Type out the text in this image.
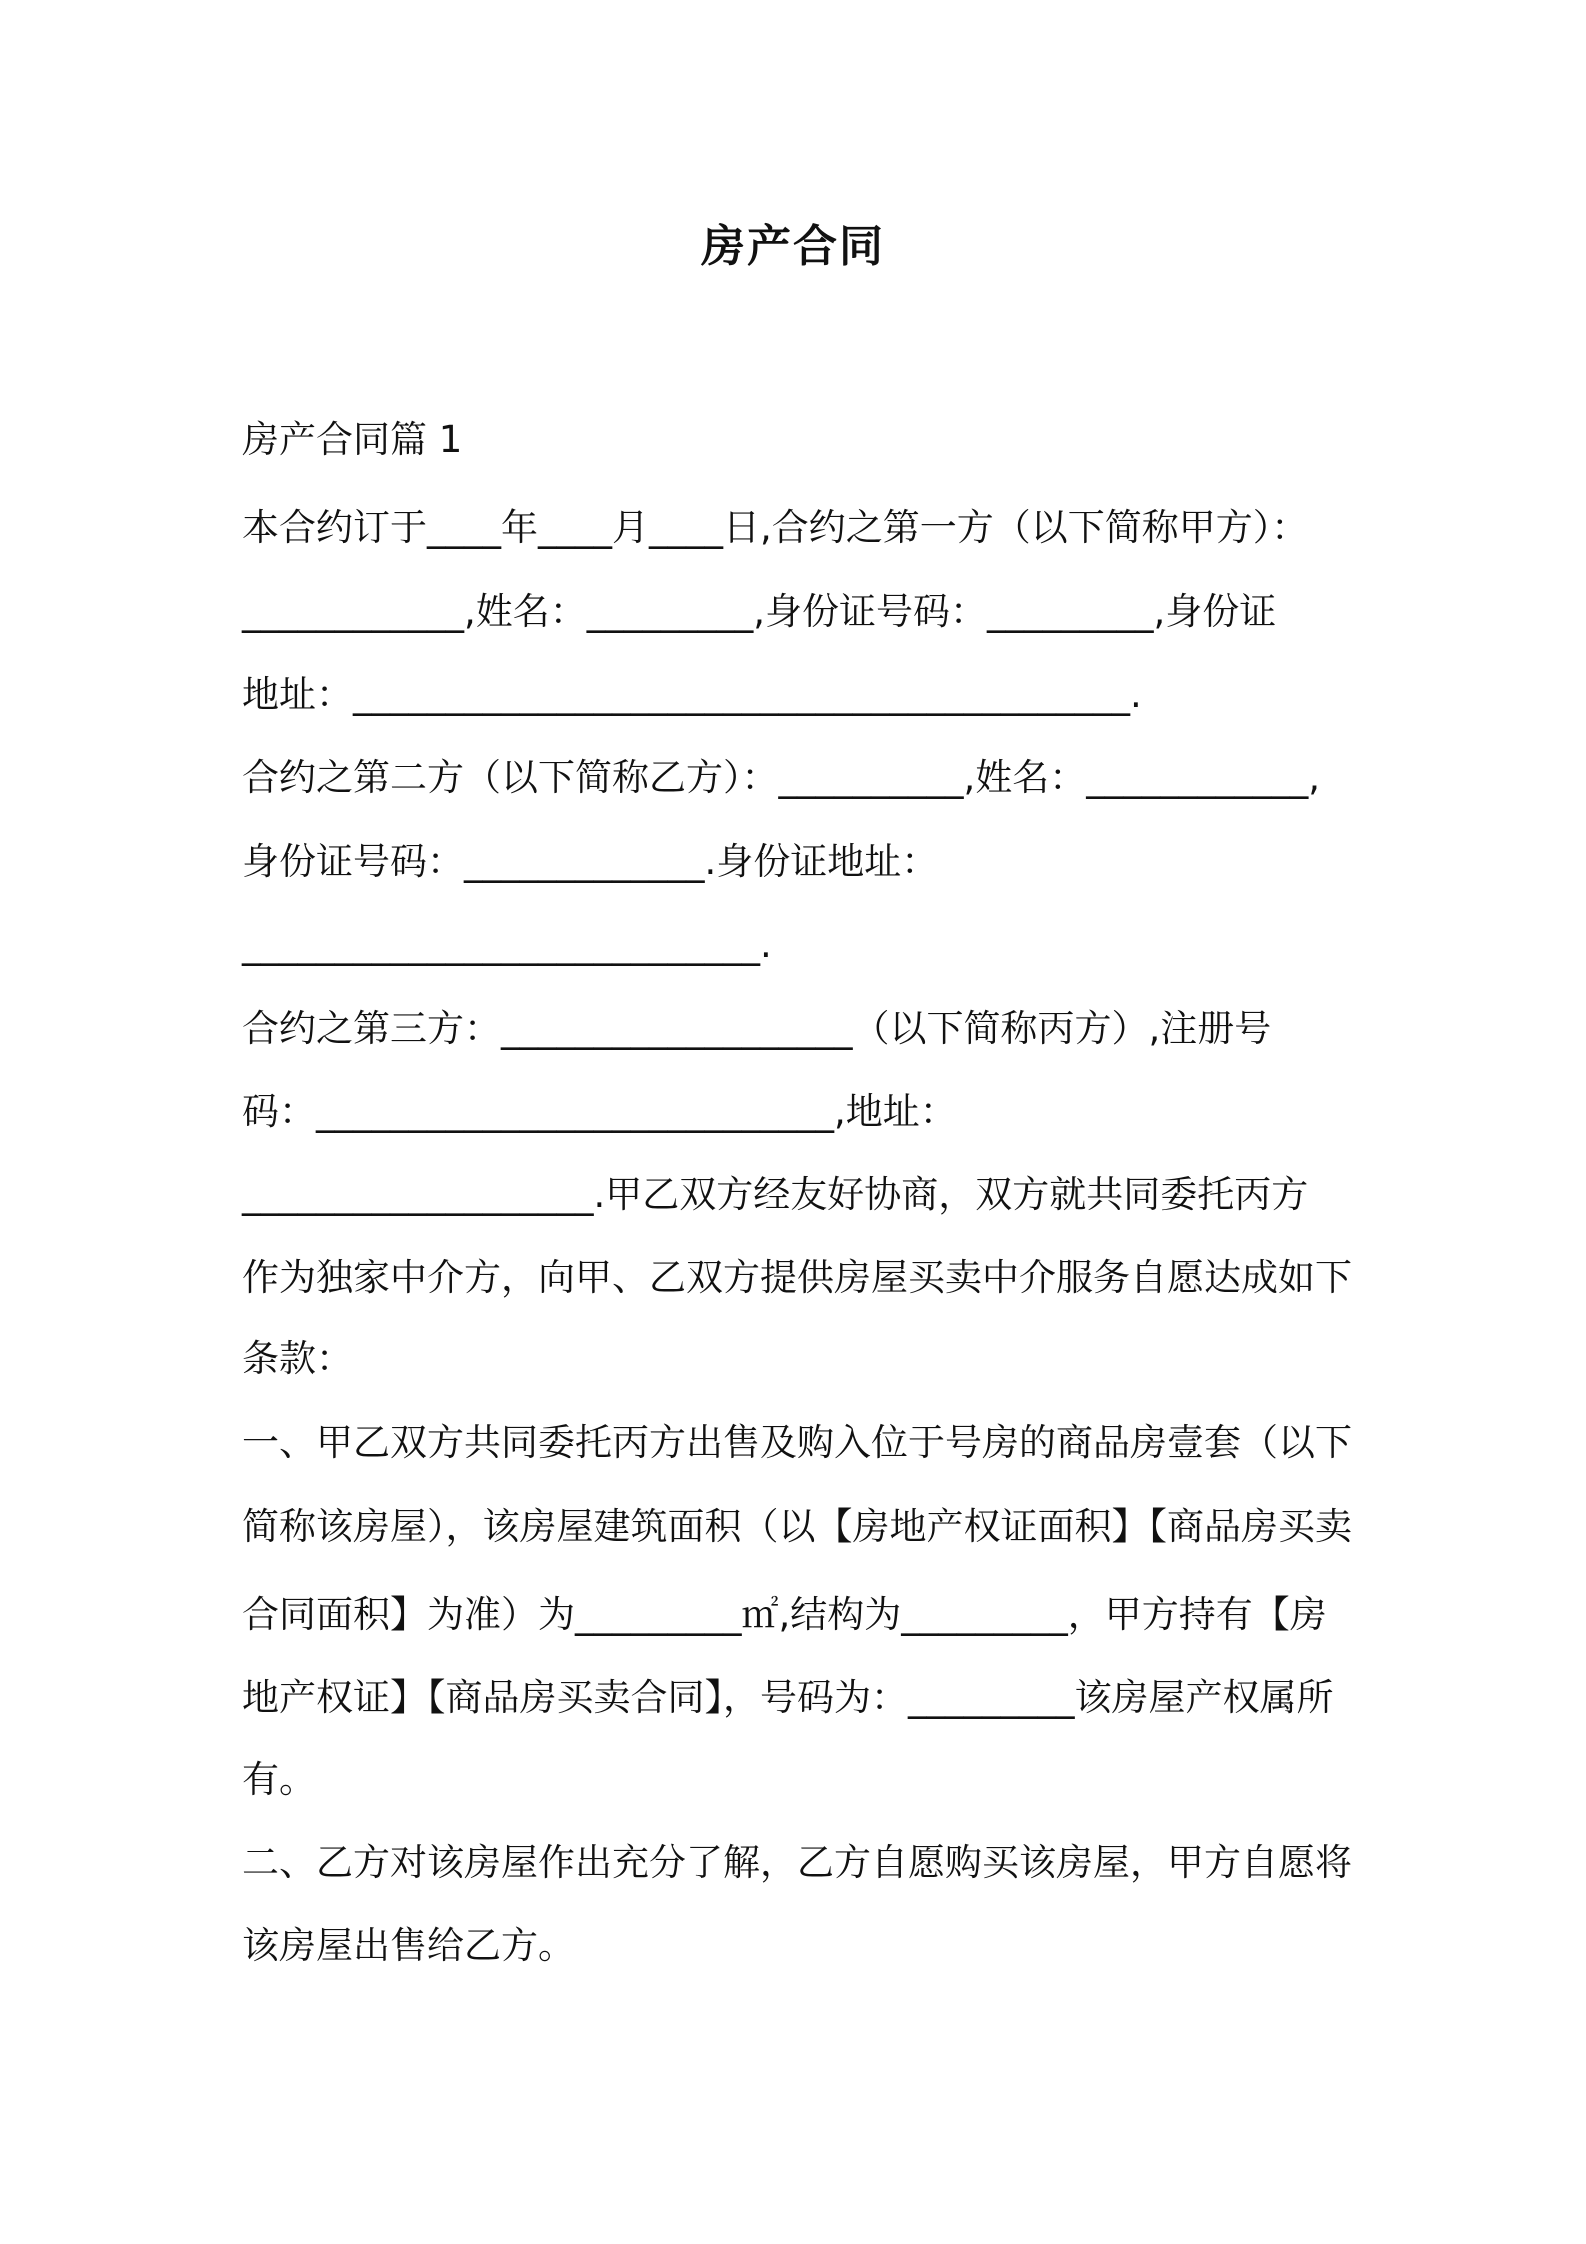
房产合同

房产合同篇 1

本合约订于____年____月____日,合约之第一方（以下简称甲方）：

____________,姓名：_________,身份证号码：_________,身份证

地址：__________________________________________.

合约之第二方（以下简称乙方）：__________,姓名：____________,

身份证号码：_____________.身份证地址：

____________________________.

合约之第三方：___________________（以下简称丙方）,注册号

码：____________________________,地址：

___________________.甲乙双方经友好协商，双方就共同委托丙方

作为独家中介方，向甲、乙双方提供房屋买卖中介服务自愿达成如下

条款：

一、甲乙双方共同委托丙方出售及购入位于号房的商品房壹套（以下

简称该房屋），该房屋建筑面积（以【房地产权证面积】【商品房买卖

合同面积】为准）为_________㎡,结构为_________，甲方持有【房

地产权证】【商品房买卖合同】，号码为：_________该房屋产权属所

有。

二、乙方对该房屋作出充分了解，乙方自愿购买该房屋，甲方自愿将

该房屋出售给乙方。
